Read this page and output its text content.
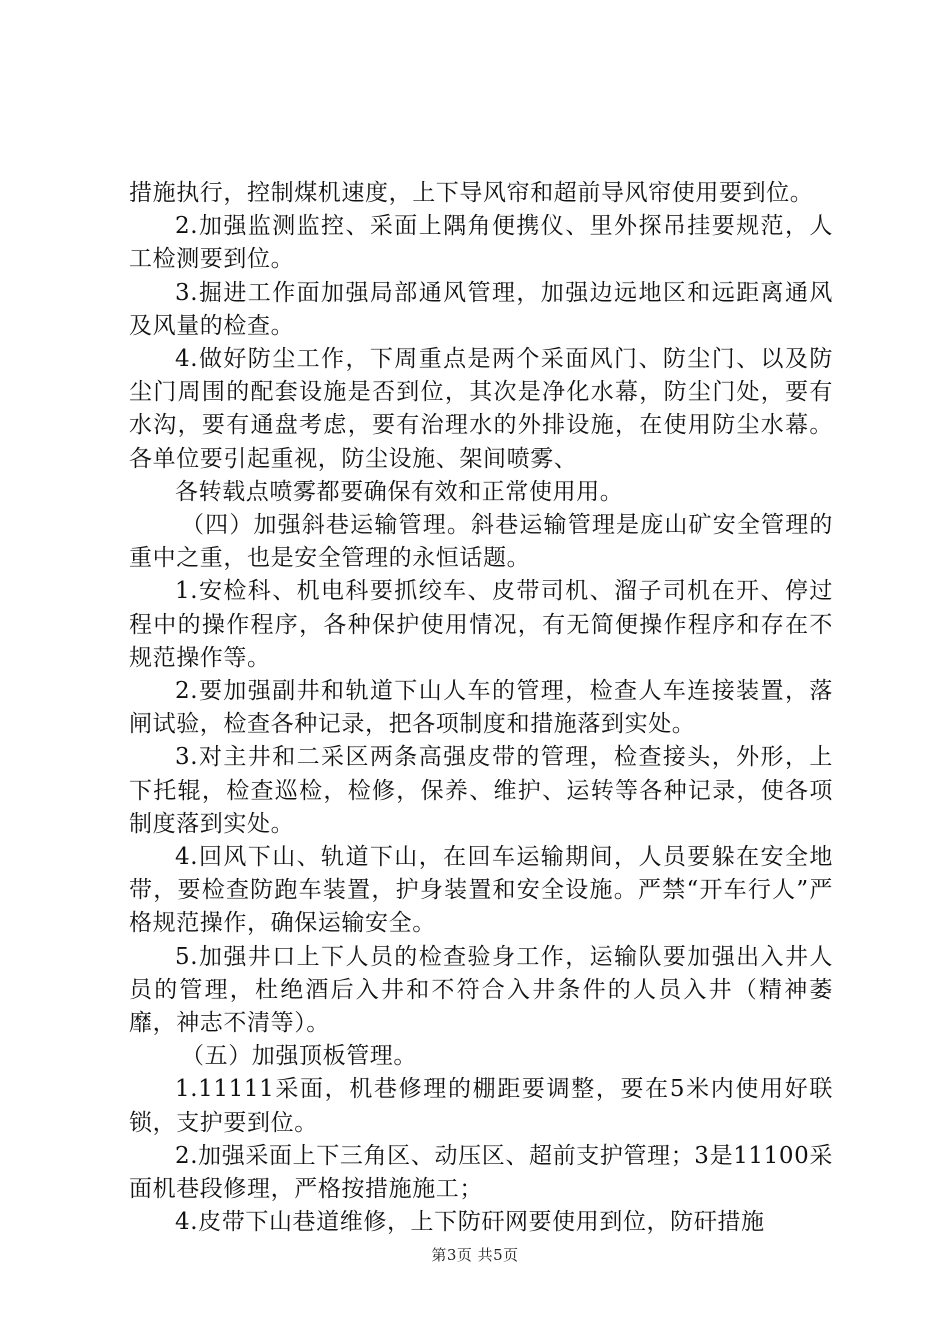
措施执行，控制煤机速度，上下导风帘和超前导风帘使用要到位。

2.加强监测监控、采面上隅角便携仪、里外探吊挂要规范，人工检测要到位。

3.掘进工作面加强局部通风管理，加强边远地区和远距离通风及风量的检查。

4.做好防尘工作，下周重点是两个采面风门、防尘门、以及防尘门周围的配套设施是否到位，其次是净化水幕，防尘门处，要有水沟，要有通盘考虑，要有治理水的外排设施，在使用防尘水幕。各单位要引起重视，防尘设施、架间喷雾、

各转载点喷雾都要确保有效和正常使用用。

（四）加强斜巷运输管理。斜巷运输管理是庞山矿安全管理的重中之重，也是安全管理的永恒话题。

1.安检科、机电科要抓绞车、皮带司机、溜子司机在开、停过程中的操作程序，各种保护使用情况，有无简便操作程序和存在不规范操作等。

2.要加强副井和轨道下山人车的管理，检查人车连接装置，落闸试验，检查各种记录，把各项制度和措施落到实处。

3.对主井和二采区两条高强皮带的管理，检查接头，外形，上下托辊，检查巡检，检修，保养、维护、运转等各种记录，使各项制度落到实处。

4.回风下山、轨道下山，在回车运输期间，人员要躲在安全地带，要检查防跑车装置，护身装置和安全设施。严禁“开车行人”严格规范操作，确保运输安全。

5.加强井口上下人员的检查验身工作，运输队要加强出入井人员的管理，杜绝酒后入井和不符合入井条件的人员入井（精神萎靡，神志不清等）。

（五）加强顶板管理。

1.11111采面，机巷修理的棚距要调整，要在5米内使用好联锁，支护要到位。

2.加强采面上下三角区、动压区、超前支护管理；3是11100采面机巷段修理，严格按措施施工；

4.皮带下山巷道维修，上下防矸网要使用到位，防矸措施

第3页 共5页
